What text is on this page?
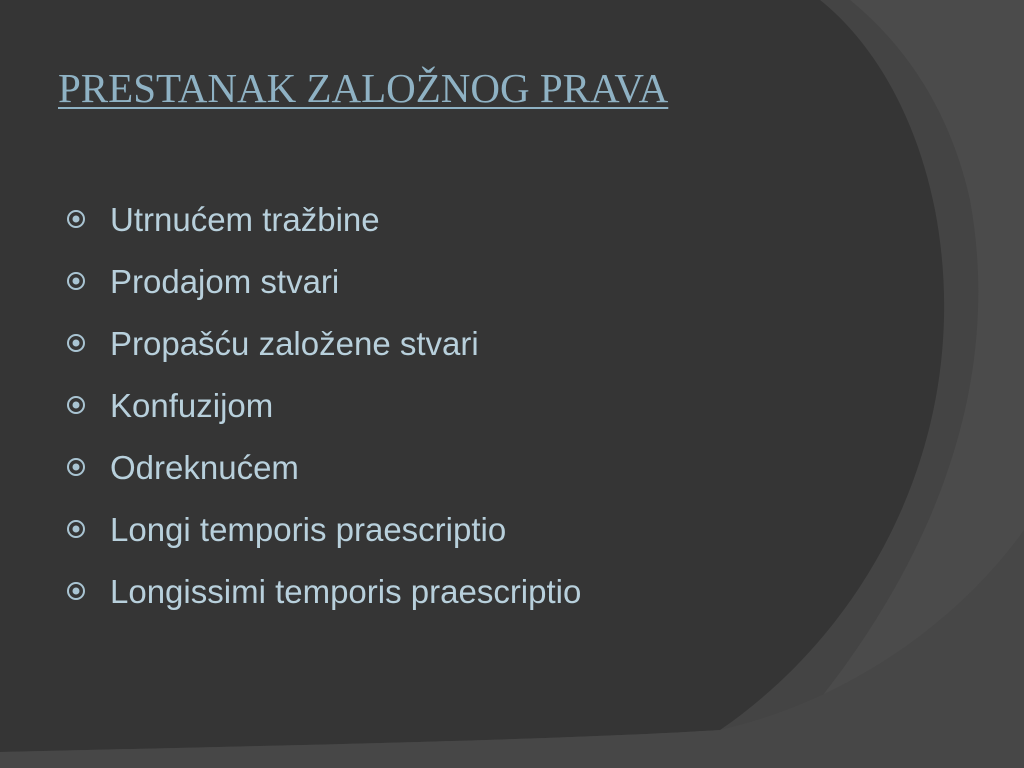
PRESTANAK ZALOŽNOG PRAVA
Utrnućem tražbine
Prodajom stvari
Propašću založene stvari
Konfuzijom
Odreknućem
Longi temporis praescriptio
Longissimi temporis praescriptio
